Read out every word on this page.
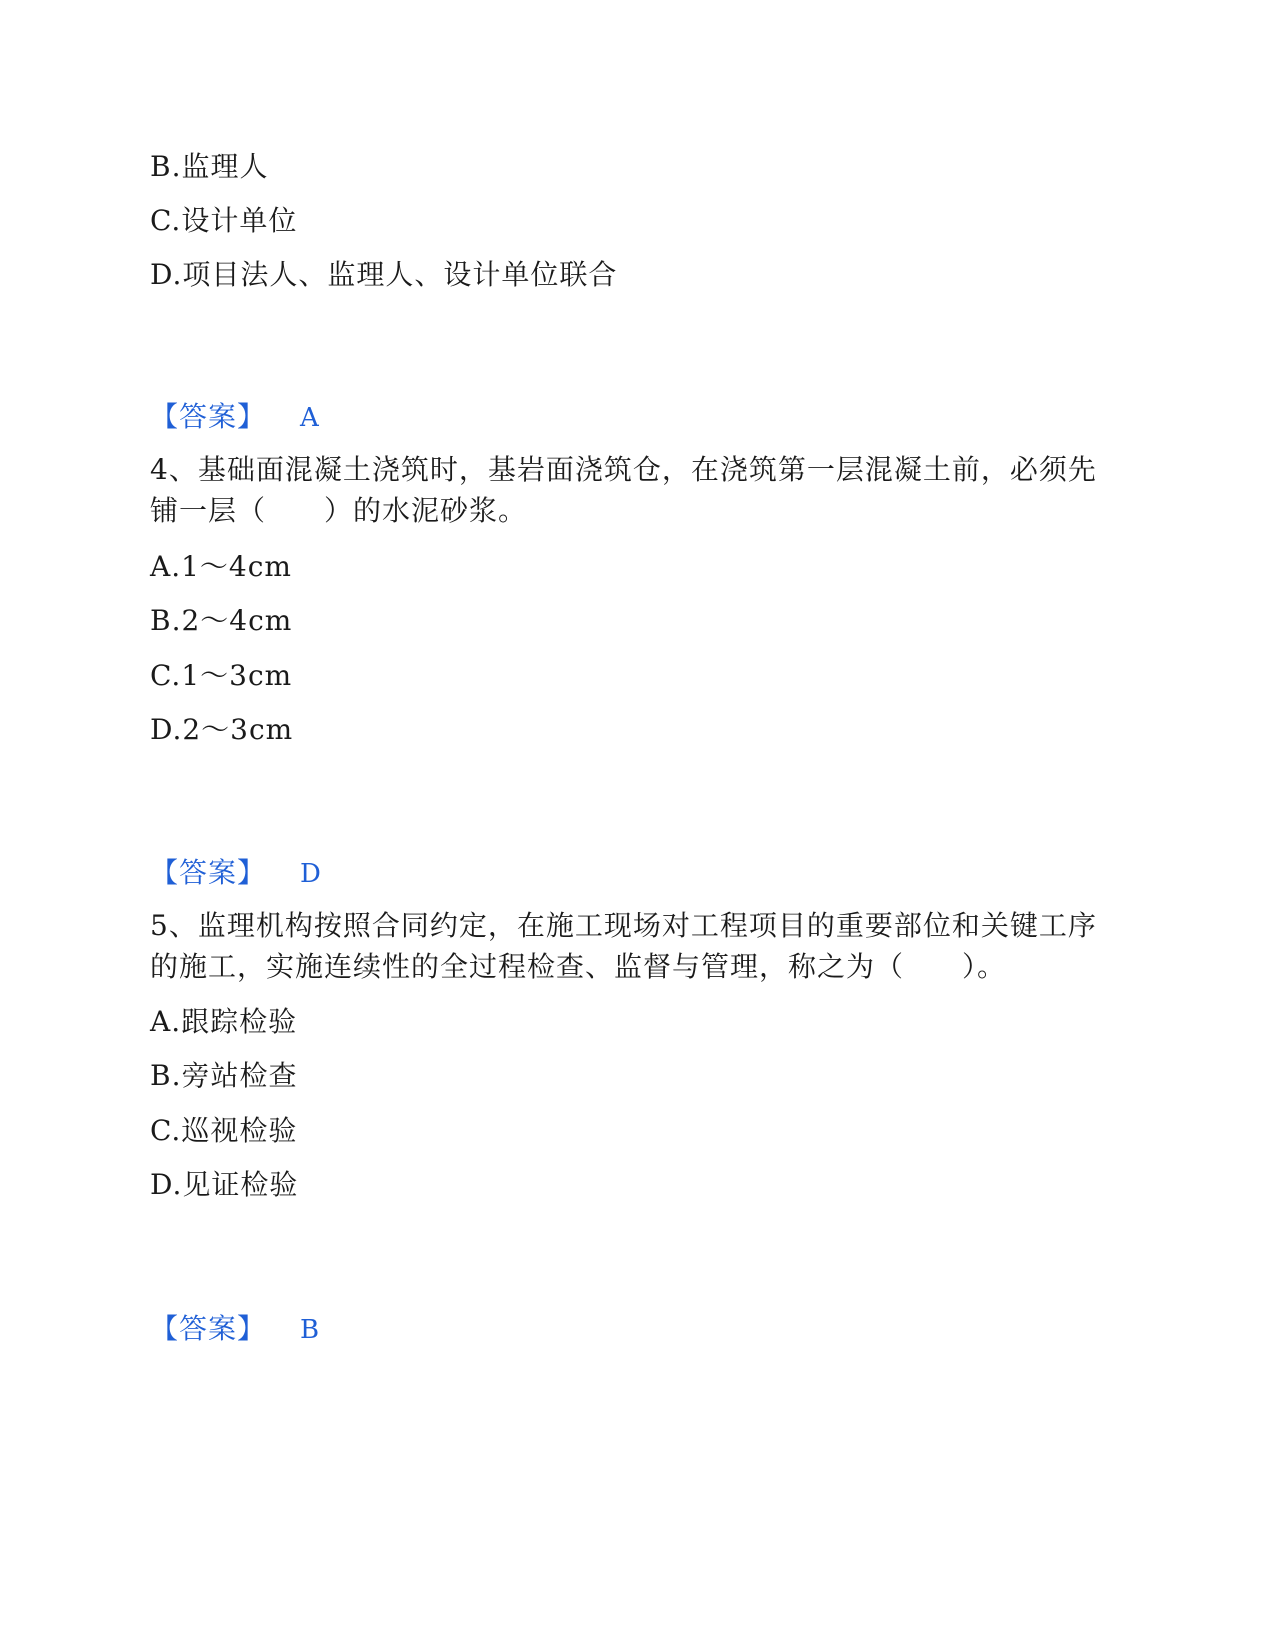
B.监理人
C.设计单位
D.项目法人、监理人、设计单位联合
【答案】 A
4、基础面混凝土浇筑时，基岩面浇筑仓，在浇筑第一层混凝土前，必须先
铺一层（　　）的水泥砂浆。
A.1～4cm
B.2～4cm
C.1～3cm
D.2～3cm
【答案】 D
5、监理机构按照合同约定，在施工现场对工程项目的重要部位和关键工序
的施工，实施连续性的全过程检查、监督与管理，称之为（　　）。
A.跟踪检验
B.旁站检查
C.巡视检验
D.见证检验
【答案】 B
